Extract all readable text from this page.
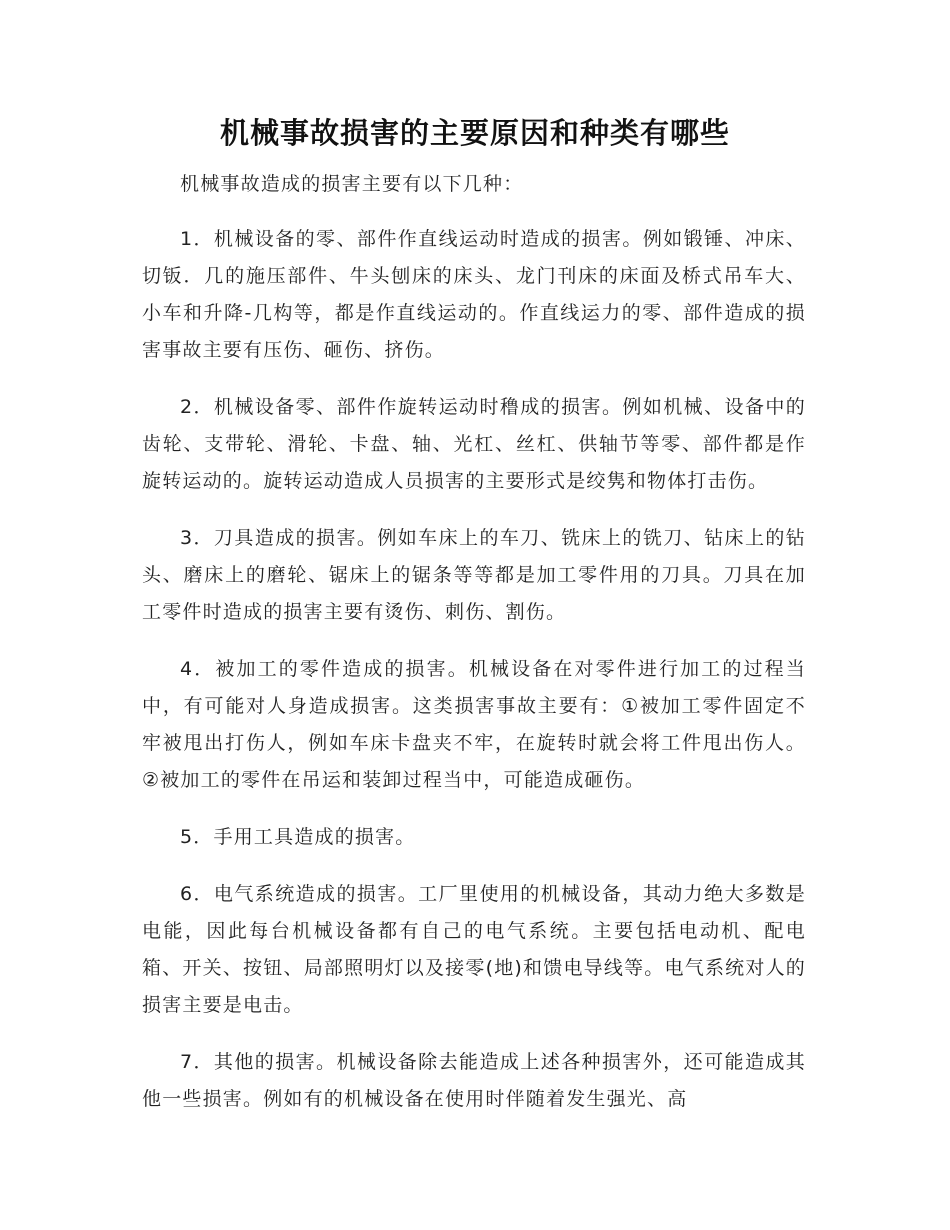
机械事故损害的主要原因和种类有哪些

机械事故造成的损害主要有以下几种：

1．机械设备的零、部件作直线运动时造成的损害。例如锻锤、冲床、切钣．几的施压部件、牛头刨床的床头、龙门刊床的床面及桥式吊车大、小车和升降-几构等，都是作直线运动的。作直线运力的零、部件造成的损害事故主要有压伤、砸伤、挤伤。

2．机械设备零、部件作旋转运动时穞成的损害。例如机械、设备中的齿轮、支带轮、滑轮、卡盘、轴、光杠、丝杠、供轴节等零、部件都是作旋转运动的。旋转运动造成人员损害的主要形式是绞隽和物体打击伤。

3．刀具造成的损害。例如车床上的车刀、铣床上的铣刀、钻床上的钻头、磨床上的磨轮、锯床上的锯条等等都是加工零件用的刀具。刀具在加工零件时造成的损害主要有烫伤、刺伤、割伤。

4．被加工的零件造成的损害。机械设备在对零件进行加工的过程当中，有可能对人身造成损害。这类损害事故主要有：①被加工零件固定不牢被甩出打伤人，例如车床卡盘夹不牢，在旋转时就会将工件甩出伤人。②被加工的零件在吊运和装卸过程当中，可能造成砸伤。

5．手用工具造成的损害。

6．电气系统造成的损害。工厂里使用的机械设备，其动力绝大多数是电能，因此每台机械设备都有自己的电气系统。主要包括电动机、配电箱、开关、按钮、局部照明灯以及接零(地)和馈电导线等。电气系统对人的损害主要是电击。

7．其他的损害。机械设备除去能造成上述各种损害外，还可能造成其他一些损害。例如有的机械设备在使用时伴随着发生强光、高
